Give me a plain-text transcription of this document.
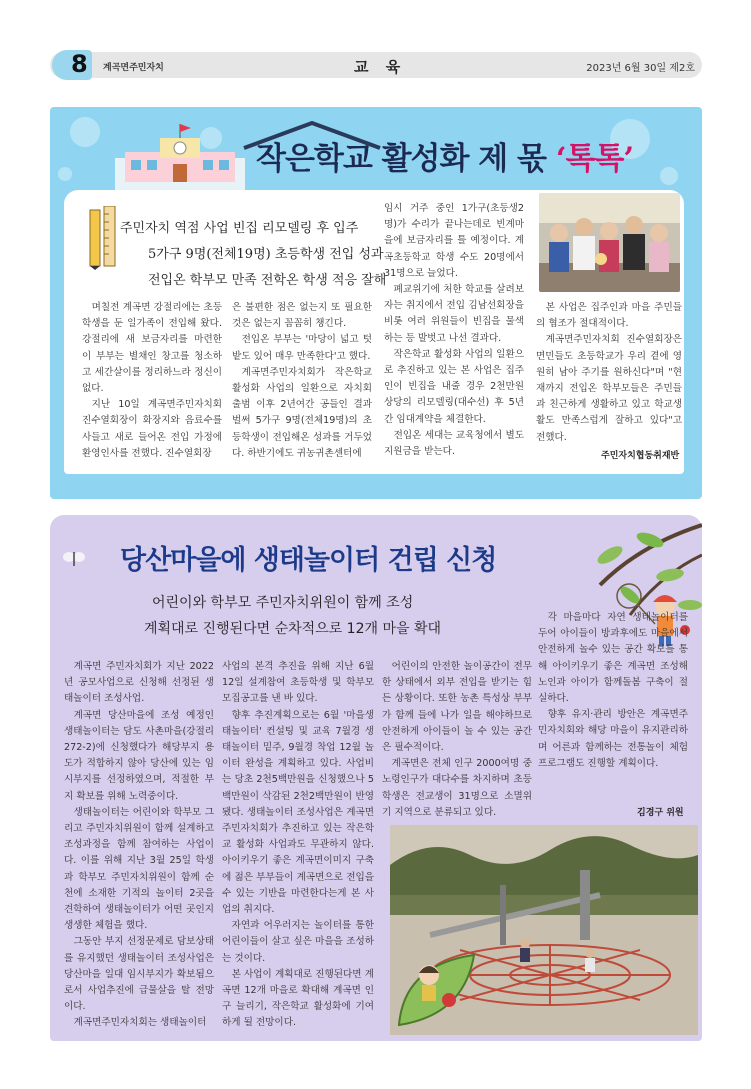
8 계곡면주민자치	교 육	2023년 6월 30일 제2호
작은학교 활성화 제 몫 ‘톡톡’
주민자치 역점 사업 빈집 리모델링 후 입주
5가구 9명(전체19명) 초등학생 전입 성과
전입온 학부모 만족 전학온 학생 적응 잘해

며칠전 계곡면 강절리에는 초등학생을 둔 일가족이 전입해 왔다. 강절리에 새 보금자리를 마련한 이 부부는 별채인 창고를 청소하고 세간살이를 정리하느라 정신이 없다.

지난 10일 계곡면주민자치회 진수열회장이 화장지와 음료수를 사들고 새로 들어온 전입 가정에 환영인사를 전했다. 진수열회장

은 불편한 점은 없는지 또 필요한 것은 없는지 꼼꼼히 챙긴다.

전입온 부부는 '마당이 넓고 텃밭도 있어 매우 만족한다'고 했다.

계곡면주민자치회가 작은학교 활성화 사업의 일환으로 자치회 출범 이후 2년여간 공들인 결과 벌써 5가구 9명(전체19명)의 초등학생이 전입해온 성과를 거두었다. 하반기에도 귀농귀촌센터에

임시 거주 중인 1가구(초등생2명)가 수리가 끝나는데로 빈계마을에 보금자리를 틀 예정이다. 계곡초등학교 학생 수도 20명에서 31명으로 늘었다.

폐교위기에 처한 학교를 살려보자는 취지에서 전입 김남선회장을 비롯 여러 위원들이 빈집을 물색하는 등 발벗고 나선 결과다.

작은학교 활성화 사업의 일환으로 추진하고 있는 본 사업은 집주인이 빈집을 내줄 경우 2천만원 상당의 리모델링(대수선) 후 5년간 임대계약을 체결한다.

전입온 세대는 교육청에서 별도 지원금을 받는다.

본 사업은 집주인과 마을 주민들의 협조가 절대적이다.

계곡면주민자치회 진수열회장은 면민들도 초등학교가 우리 곁에 영원히 남아 주기를 원하신다"며 "현재까지 전입온 학부모들은 주민들과 친근하게 생활하고 있고 학교생활도 만족스럽게 잘하고 있다"고 전했다.

주민자치협동취재반
당산마을에 생태놀이터 건립 신청
어린이와 학부모 주민자치위원이 함께 조성
계획대로 진행된다면 순차적으로 12개 마을 확대

계곡면 주민자치회가 지난 2022년 공모사업으로 신청해 선정된 생태놀이터 조성사업.

계곡면 당산마을에 조성 예정인 생태놀이터는 담도 사촌마을(강절리 272-2)에 신청했다가 해당부지 용도가 적합하지 않아 당산에 있는 임시부지를 선정하였으며, 적절한 부지 확보를 위해 노력중이다.

생태놀이터는 어린이와 학부모 그리고 주민자치위원이 함께 설계하고 조성과정을 함께 참여하는 사업이다. 이를 위해 지난 3월 25일 학생과 학부모 주민자치위원이 함께 순천에 소재한 기적의 놀이터 2곳을 견학하여 생태놀이터가 어떤 곳인지 생생한 체험을 했다.

그동안 부지 선정문제로 담보상태를 유지했던 생태놀이터 조성사업은 당산마을 일대 임시부지가 확보됨으로서 사업추진에 급물살을 탈 전망이다.

계곡면주민자치회는 생태놀이터

사업의 본격 추진을 위해 지난 6월 12일 설계참여 초등학생 및 학부모 모집공고를 낸 바 있다.

향후 추진계획으로는 6월 '마을생태놀이터' 컨설팅 및 교육 7월경 생태놀이터 밑주, 9월경 착업 12월 놀이터 완성을 계획하고 있다. 사업비는 당초 2천5백만원을 신청했으나 5백만원이 삭감된 2천2백만원이 반영됐다. 생태놀이터 조성사업은 계곡면주민자치회가 추진하고 있는 작은학교 활성화 사업과도 무관하지 않다. 아이키우기 좋은 계곡면이미지 구축에 젊은 부부들이 계곡면으로 전입을 수 있는 기반을 마련한다는게 본 사업의 취지다.

자연과 어우러지는 놀이터를 통한 어린이들이 살고 싶은 마을을 조성하는 것이다.

본 사업이 계획대로 진행된다면 계곡면 12개 마을로 확대해 계곡면 인구 늘리기, 작은학교 활성화에 기여하게 될 전망이다.

어린이의 안전한 놀이공간이 전무한 상태에서 외부 전입을 받기는 힘든 상황이다. 또한 농촌 특성상 부부가 함께 들에 나가 일을 해야하므로 안전하게 아이들이 놀 수 있는 공간은 필수적이다.

계곡면은 전체 인구 2000여명 중 노령인구가 대다수를 차지하며 초등학생은 전교생이 31명으로 소멸위기 지역으로 분류되고 있다.

각 마을마다 자연 생태놀이터를 두어 아이들이 방과후에도 마을에서 안전하게 놀수 있는 공간 확보를 통해 아이키우기 좋은 계곡면 조성해 노인과 아이가 함께돌봄 구축이 절실하다.

향후 유지·관리 방안은 계곡면주민자치회와 해당 마을이 유지관리하며 어른과 함께하는 전통놀이 체험 프로그램도 진행할 계획이다.

김경구 위원
